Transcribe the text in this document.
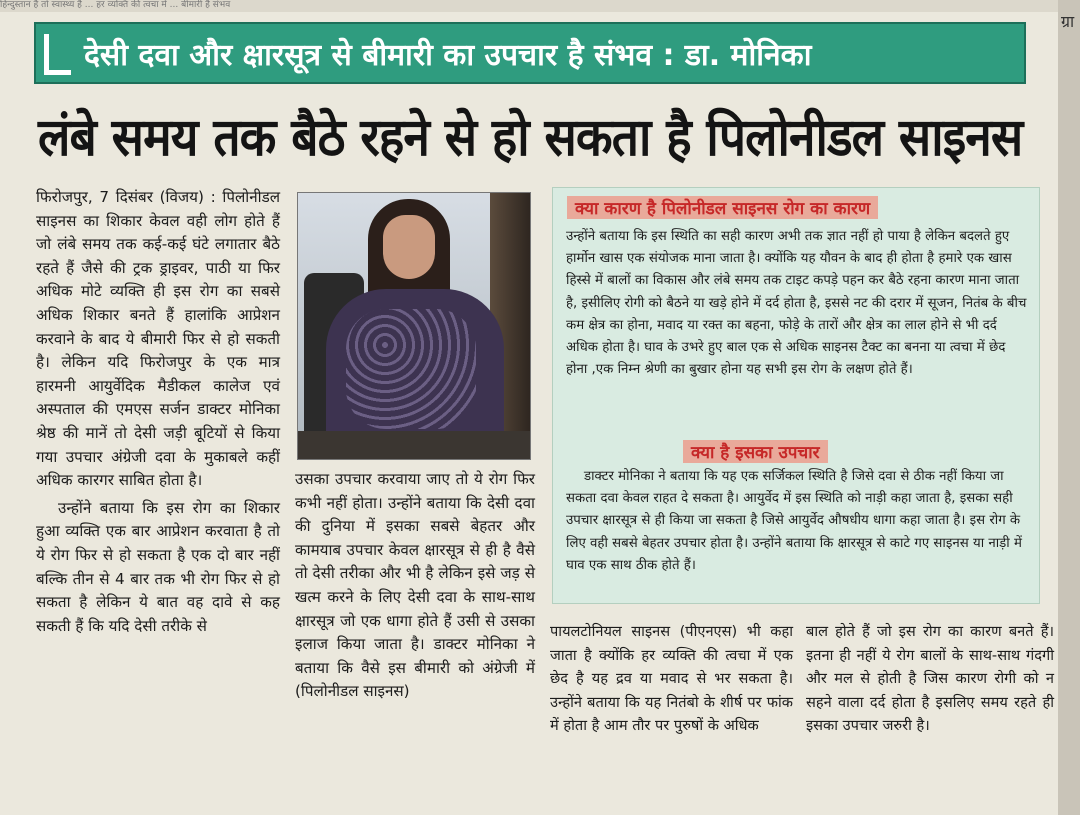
हिन्दुस्तान है तो स्वास्थ्य है ... हर व्यक्ति की त्वचा में ... बीमारी है संभव
ग्रा
देसी दवा और क्षारसूत्र से बीमारी का उपचार है संभव : डा. मोनिका
लंबे समय तक बैठे रहने से हो सकता है पिलोनीडल साइनस
फिरोजपुर, 7 दिसंबर (विजय) : पिलोनीडल साइनस का शिकार केवल वही लोग होते हैं जो लंबे समय तक कई-कई घंटे लगातार बैठे रहते हैं जैसे की ट्रक ड्राइवर, पाठी या फिर अधिक मोटे व्यक्ति ही इस रोग का सबसे अधिक शिकार बनते हैं हालांकि आप्रेशन करवाने के बाद ये बीमारी फिर से हो सकती है। लेकिन यदि फिरोजपुर के एक मात्र हारमनी आयुर्वेदिक मैडीकल कालेज एवं अस्पताल की एमएस सर्जन डाक्टर मोनिका श्रेष्ठ की मानें तो देसी जड़ी बूटियों से किया गया उपचार अंग्रेजी दवा के मुकाबले कहीं अधिक कारगर साबित होता है।
उन्होंने बताया कि इस रोग का शिकार हुआ व्यक्ति एक बार आप्रेशन करवाता है तो ये रोग फिर से हो सकता है एक दो बार नहीं बल्कि तीन से 4 बार तक भी रोग फिर से हो सकता है लेकिन ये बात वह दावे से कह सकती हैं कि यदि देसी तरीके से
उसका उपचार करवाया जाए तो ये रोग फिर कभी नहीं होता। उन्होंने बताया कि देसी दवा की दुनिया में इसका सबसे बेहतर और कामयाब उपचार केवल क्षारसूत्र से ही है वैसे तो देसी तरीका और भी है लेकिन इसे जड़ से खत्म करने के लिए देसी दवा के साथ-साथ क्षारसूत्र जो एक धागा होते हैं उसी से उसका इलाज किया जाता है। डाक्टर मोनिका ने बताया कि वैसे इस बीमारी को अंग्रेजी में (पिलोनीडल साइनस)
क्या कारण है पिलोनीडल साइनस रोग का कारण
उन्होंने बताया कि इस स्थिति का सही कारण अभी तक ज्ञात नहीं हो पाया है लेकिन बदलते हुए हार्मोन खास एक संयोजक माना जाता है। क्योंकि यह यौवन के बाद ही होता है हमारे एक खास हिस्से में बालों का विकास और लंबे समय तक टाइट कपड़े पहन कर बैठे रहना कारण माना जाता है, इसीलिए रोगी को बैठने या खड़े होने में दर्द होता है, इससे नट की दरार में सूजन, नितंब के बीच कम क्षेत्र का होना, मवाद या रक्त का बहना, फोड़े के तारों और क्षेत्र का लाल होने से भी दर्द अधिक होता है। घाव के उभरे हुए बाल एक से अधिक साइनस टैक्ट का बनना या त्वचा में छेद होना ,एक निम्न श्रेणी का बुखार होना यह सभी इस रोग के लक्षण होते हैं।
क्या है इसका उपचार
डाक्टर मोनिका ने बताया कि यह एक सर्जिकल स्थिति है जिसे दवा से ठीक नहीं किया जा सकता दवा केवल राहत दे सकता है। आयुर्वेद में इस स्थिति को नाड़ी कहा जाता है, इसका सही उपचार क्षारसूत्र से ही किया जा सकता है जिसे आयुर्वेद औषधीय धागा कहा जाता है। इस रोग के लिए वही सबसे बेहतर उपचार होता है। उन्होंने बताया कि क्षारसूत्र से काटे गए साइनस या नाड़ी में घाव एक साथ ठीक होते हैं।
पायलटोनियल साइनस (पीएनएस) भी कहा जाता है क्योंकि हर व्यक्ति की त्वचा में एक छेद है यह द्रव या मवाद से भर सकता है। उन्होंने बताया कि यह नितंबो के शीर्ष पर फांक में होता है आम तौर पर पुरुषों के अधिक
बाल होते हैं जो इस रोग का कारण बनते हैं। इतना ही नहीं ये रोग बालों के साथ-साथ गंदगी और मल से होती है जिस कारण रोगी को न सहने वाला दर्द होता है इसलिए समय रहते ही इसका उपचार जरुरी है।
